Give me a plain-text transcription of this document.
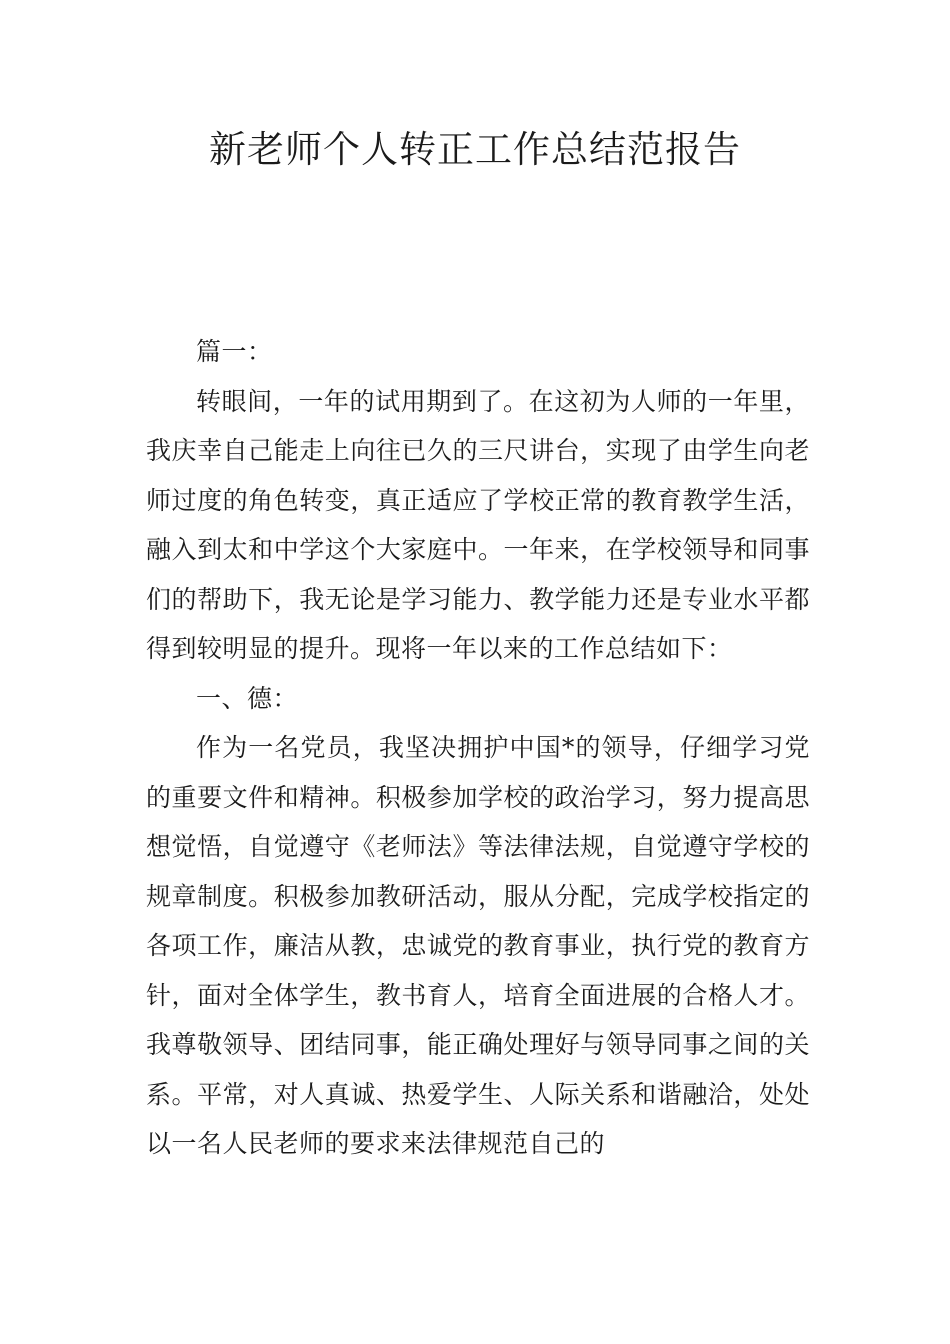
新老师个人转正工作总结范报告

篇一：

转眼间，一年的试用期到了。在这初为人师的一年里，我庆幸自己能走上向往已久的三尺讲台，实现了由学生向老师过度的角色转变，真正适应了学校正常的教育教学生活，融入到太和中学这个大家庭中。一年来，在学校领导和同事们的帮助下，我无论是学习能力、教学能力还是专业水平都得到较明显的提升。现将一年以来的工作总结如下：

一、德：

作为一名党员，我坚决拥护中国*的领导，仔细学习党的重要文件和精神。积极参加学校的政治学习，努力提高思想觉悟，自觉遵守《老师法》等法律法规，自觉遵守学校的规章制度。积极参加教研活动，服从分配，完成学校指定的各项工作，廉洁从教，忠诚党的教育事业，执行党的教育方针，面对全体学生，教书育人，培育全面进展的合格人才。我尊敬领导、团结同事，能正确处理好与领导同事之间的关系。平常，对人真诚、热爱学生、人际关系和谐融洽，处处以一名人民老师的要求来法律规范自己的
